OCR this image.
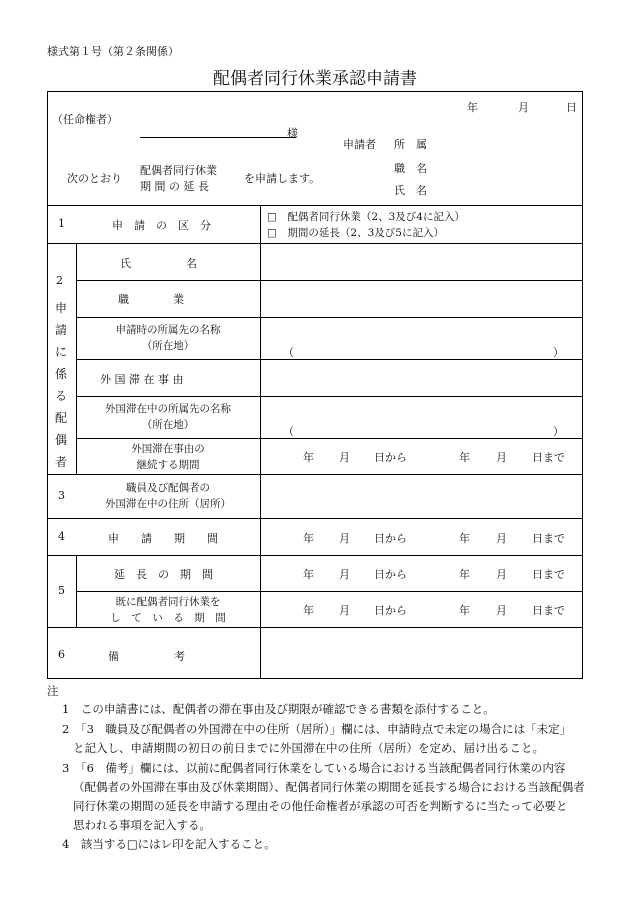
様式第１号（第２条関係）
配偶者同行休業承認申請書
年	月	日
（任命権者）
様
申請者 所　属
職　名
氏　名
次のとおり
配偶者同行休業
期 間 の 延 長
を申請します。
1	申　請　の　区　分
□　配偶者同行休業（2、3及び4に記入）
□　期間の延長（2、3及び5に記入）
2
申請に係る配偶者
氏　　　　　名
職　　　　業
申請時の所属先の名称
（所在地）	（	）
外 国 滞 在 事 由
外国滞在中の所属先の名称
（所在地）	（	）
外国滞在事由の
継続する期間
年 月 日から	年 月 日まで
3
職員及び配偶者の
外国滞在中の住所（居所）
4	申　　請　　期　　間	年 月 日から	年 月 日まで
5
延　長　の　期　間	年 月 日から	年 月 日まで
既に配偶者同行休業を
し　て　い　る　期　間
年 月 日から	年 月 日まで
6	備　　　　　考
注
1　この申請書には、配偶者の滞在事由及び期限が確認できる書類を添付すること。
2　「3　職員及び配偶者の外国滞在中の住所（居所）」欄には、申請時点で未定の場合には「未定」
と記入し、申請期間の初日の前日までに外国滞在中の住所（居所）を定め、届け出ること。
3　「6　備考」欄には、以前に配偶者同行休業をしている場合における当該配偶者同行休業の内容
（配偶者の外国滞在事由及び休業期間）、配偶者同行休業の期間を延長する場合における当該配偶者
同行休業の期間の延長を申請する理由その他任命権者が承認の可否を判断するに当たって必要と
思われる事項を記入する。
4　該当する□にはレ印を記入すること。
